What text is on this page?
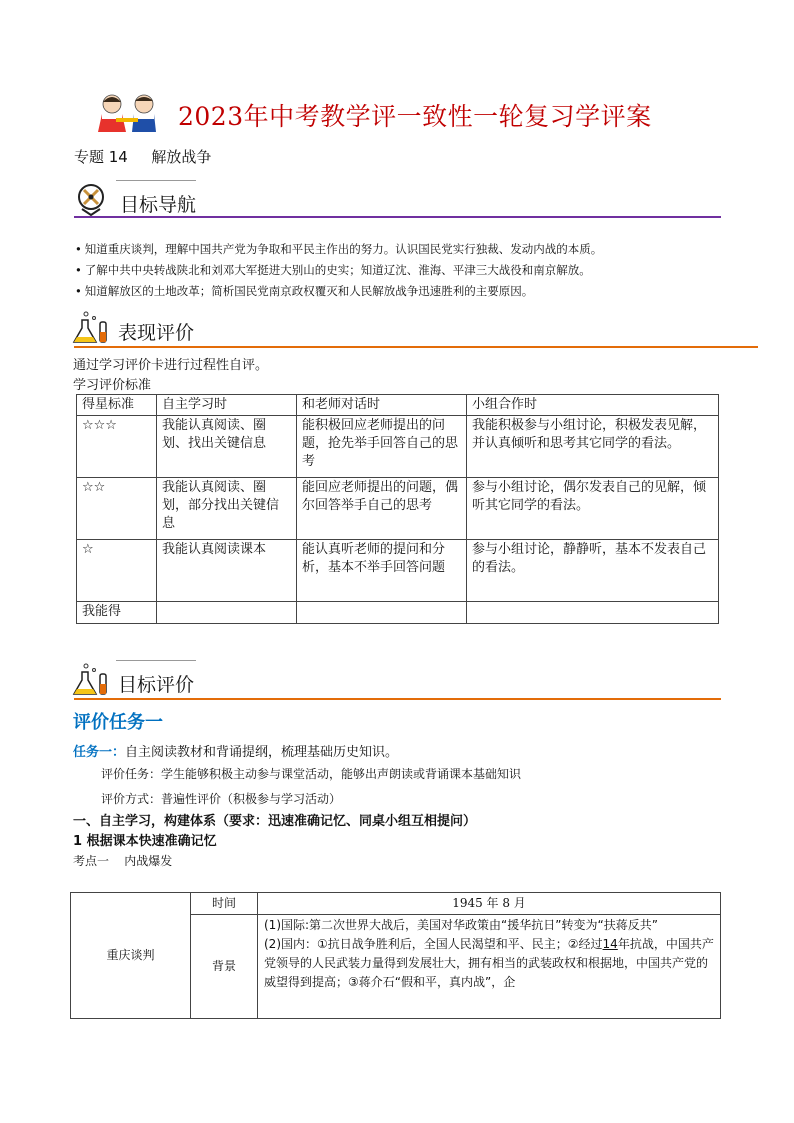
2023年中考教学评一致性一轮复习学评案
专题 14 解放战争
目标导航
• 知道重庆谈判，理解中国共产党为争取和平民主作出的努力。认识国民党实行独裁、发动内战的本质。
• 了解中共中央转战陕北和刘邓大军挺进大别山的史实；知道辽沈、淮海、平津三大战役和南京解放。
• 知道解放区的土地改革；简析国民党南京政权覆灭和人民解放战争迅速胜利的主要原因。
表现评价
通过学习评价卡进行过程性自评。
学习评价标准
得星标准	自主学习时	和老师对话时	小组合作时
☆☆☆	我能认真阅读、圈划、找出关键信息	能积极回应老师提出的问题，抢先举手回答自己的思考	我能积极参与小组讨论，积极发表见解，并认真倾听和思考其它同学的看法。
☆☆	我能认真阅读、圈划，部分找出关键信息	能回应老师提出的问题，偶尔回答举手自己的思考	参与小组讨论，偶尔发表自己的见解，倾听其它同学的看法。
☆	我能认真阅读课本	能认真听老师的提问和分析，基本不举手回答问题	参与小组讨论，静静听，基本不发表自己的看法。
我能得			
目标评价
评价任务一
任务一：自主阅读教材和背诵提纲，梳理基础历史知识。
评价任务：学生能够积极主动参与课堂活动，能够出声朗读或背诵课本基础知识
评价方式：普遍性评价（积极参与学习活动）
一、自主学习，构建体系（要求：迅速准确记忆、同桌小组互相提问）
1 根据课本快速准确记忆
考点一    内战爆发
重庆谈判	时间	1945 年 8 月
	背景	(1)国际:第二次世界大战后，美国对华政策由“援华抗日”转变为“扶蒋反共”
(2)国内：①抗日战争胜利后，全国人民渴望和平、民主；②经过14年抗战，中国共产党领导的人民武装力量得到发展壮大，拥有相当的武装政权和根据地，中国共产党的威望得到提高；③蒋介石“假和平，真内战”，企
